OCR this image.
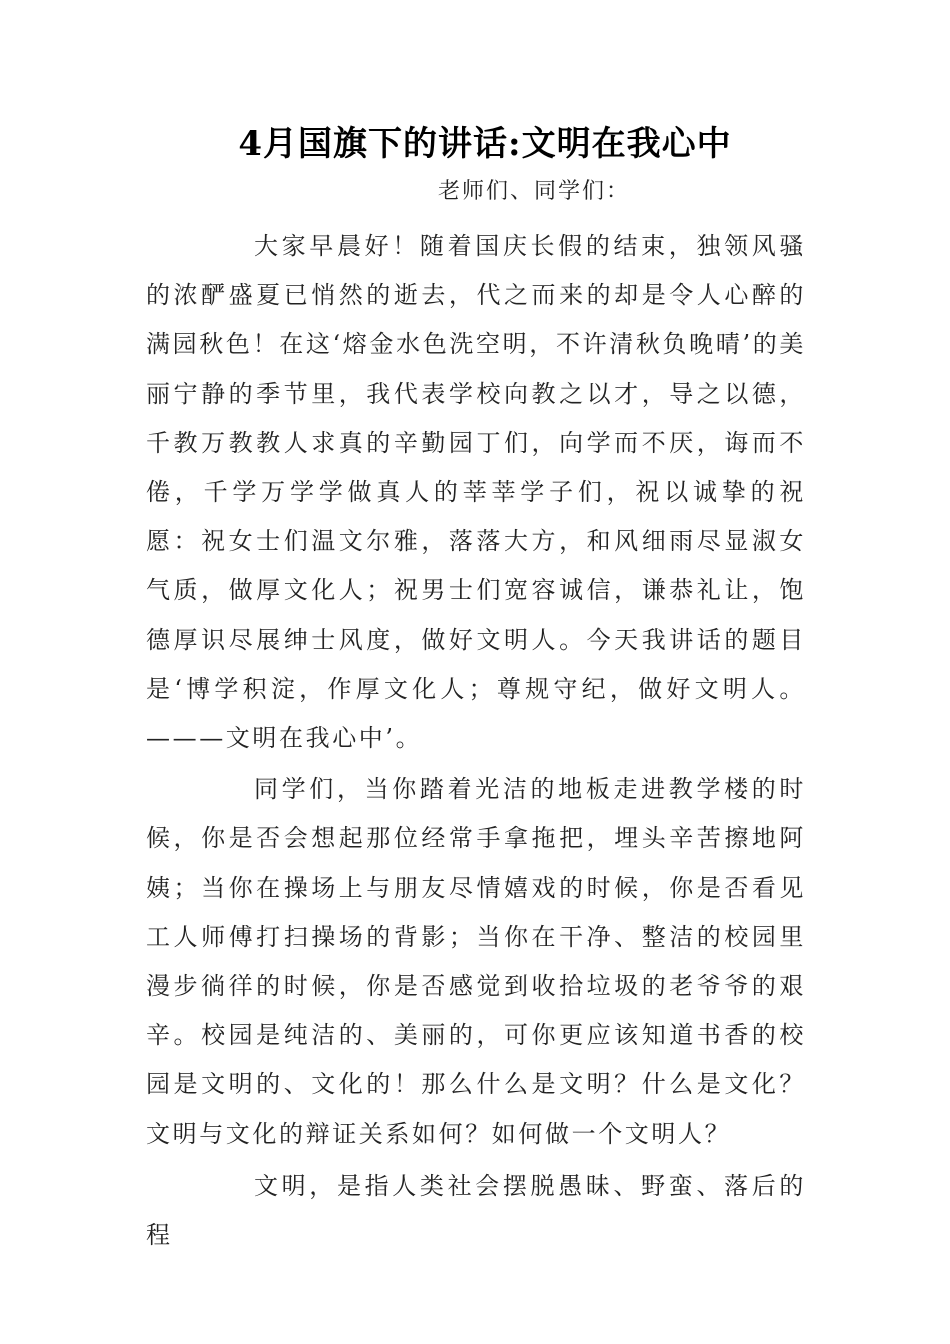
4月国旗下的讲话:文明在我心中
老师们、同学们：

大家早晨好！随着国庆长假的结束，独领风骚的浓酽盛夏已悄然的逝去，代之而来的却是令人心醉的满园秋色！在这‘熔金水色洗空明，不许清秋负晚晴’的美丽宁静的季节里，我代表学校向教之以才，导之以德，千教万教教人求真的辛勤园丁们，向学而不厌，诲而不倦，千学万学学做真人的莘莘学子们，祝以诚挚的祝愿：祝女士们温文尔雅，落落大方，和风细雨尽显淑女气质，做厚文化人；祝男士们宽容诚信，谦恭礼让，饱德厚识尽展绅士风度，做好文明人。今天我讲话的题目是‘博学积淀，作厚文化人；尊规守纪，做好文明人。———文明在我心中’。

同学们，当你踏着光洁的地板走进教学楼的时候，你是否会想起那位经常手拿拖把，埋头辛苦擦地阿姨；当你在操场上与朋友尽情嬉戏的时候，你是否看见工人师傅打扫操场的背影；当你在干净、整洁的校园里漫步徜徉的时候，你是否感觉到收拾垃圾的老爷爷的艰辛。校园是纯洁的、美丽的，可你更应该知道书香的校园是文明的、文化的！那么什么是文明？什么是文化？文明与文化的辩证关系如何？如何做一个文明人？

文明，是指人类社会摆脱愚昧、野蛮、落后的程
